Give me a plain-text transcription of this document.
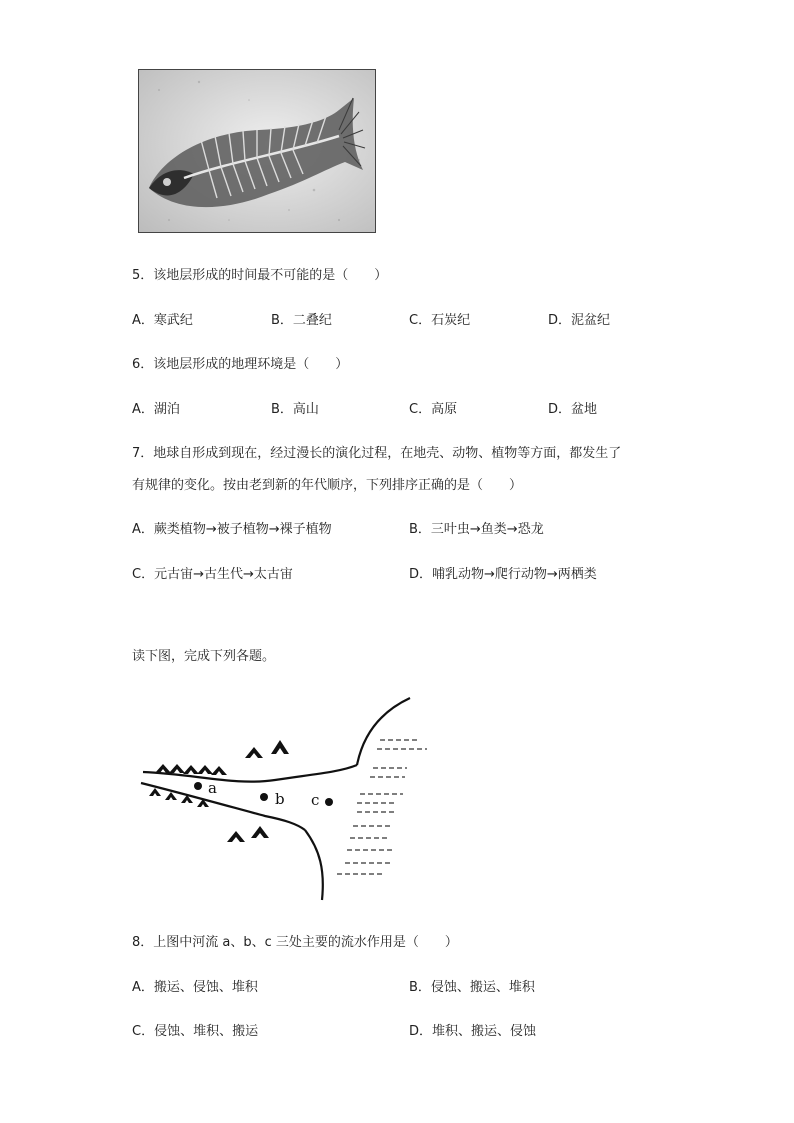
5．该地层形成的时间最不可能的是（　　）
A．寒武纪	B．二叠纪	C．石炭纪	D．泥盆纪
6．该地层形成的地理环境是（　　）
A．湖泊	B．高山	C．高原	D．盆地
7．地球自形成到现在，经过漫长的演化过程，在地壳、动物、植物等方面，都发生了
有规律的变化。按由老到新的年代顺序，下列排序正确的是（　　）
A．蕨类植物→被子植物→裸子植物	B．三叶虫→鱼类→恐龙
C．元古宙→古生代→太古宙	D．哺乳动物→爬行动物→两栖类
读下图，完成下列各题。
a
b c
8．上图中河流 a、b、c 三处主要的流水作用是（　　）
A．搬运、侵蚀、堆积	B．侵蚀、搬运、堆积
C．侵蚀、堆积、搬运	D．堆积、搬运、侵蚀
